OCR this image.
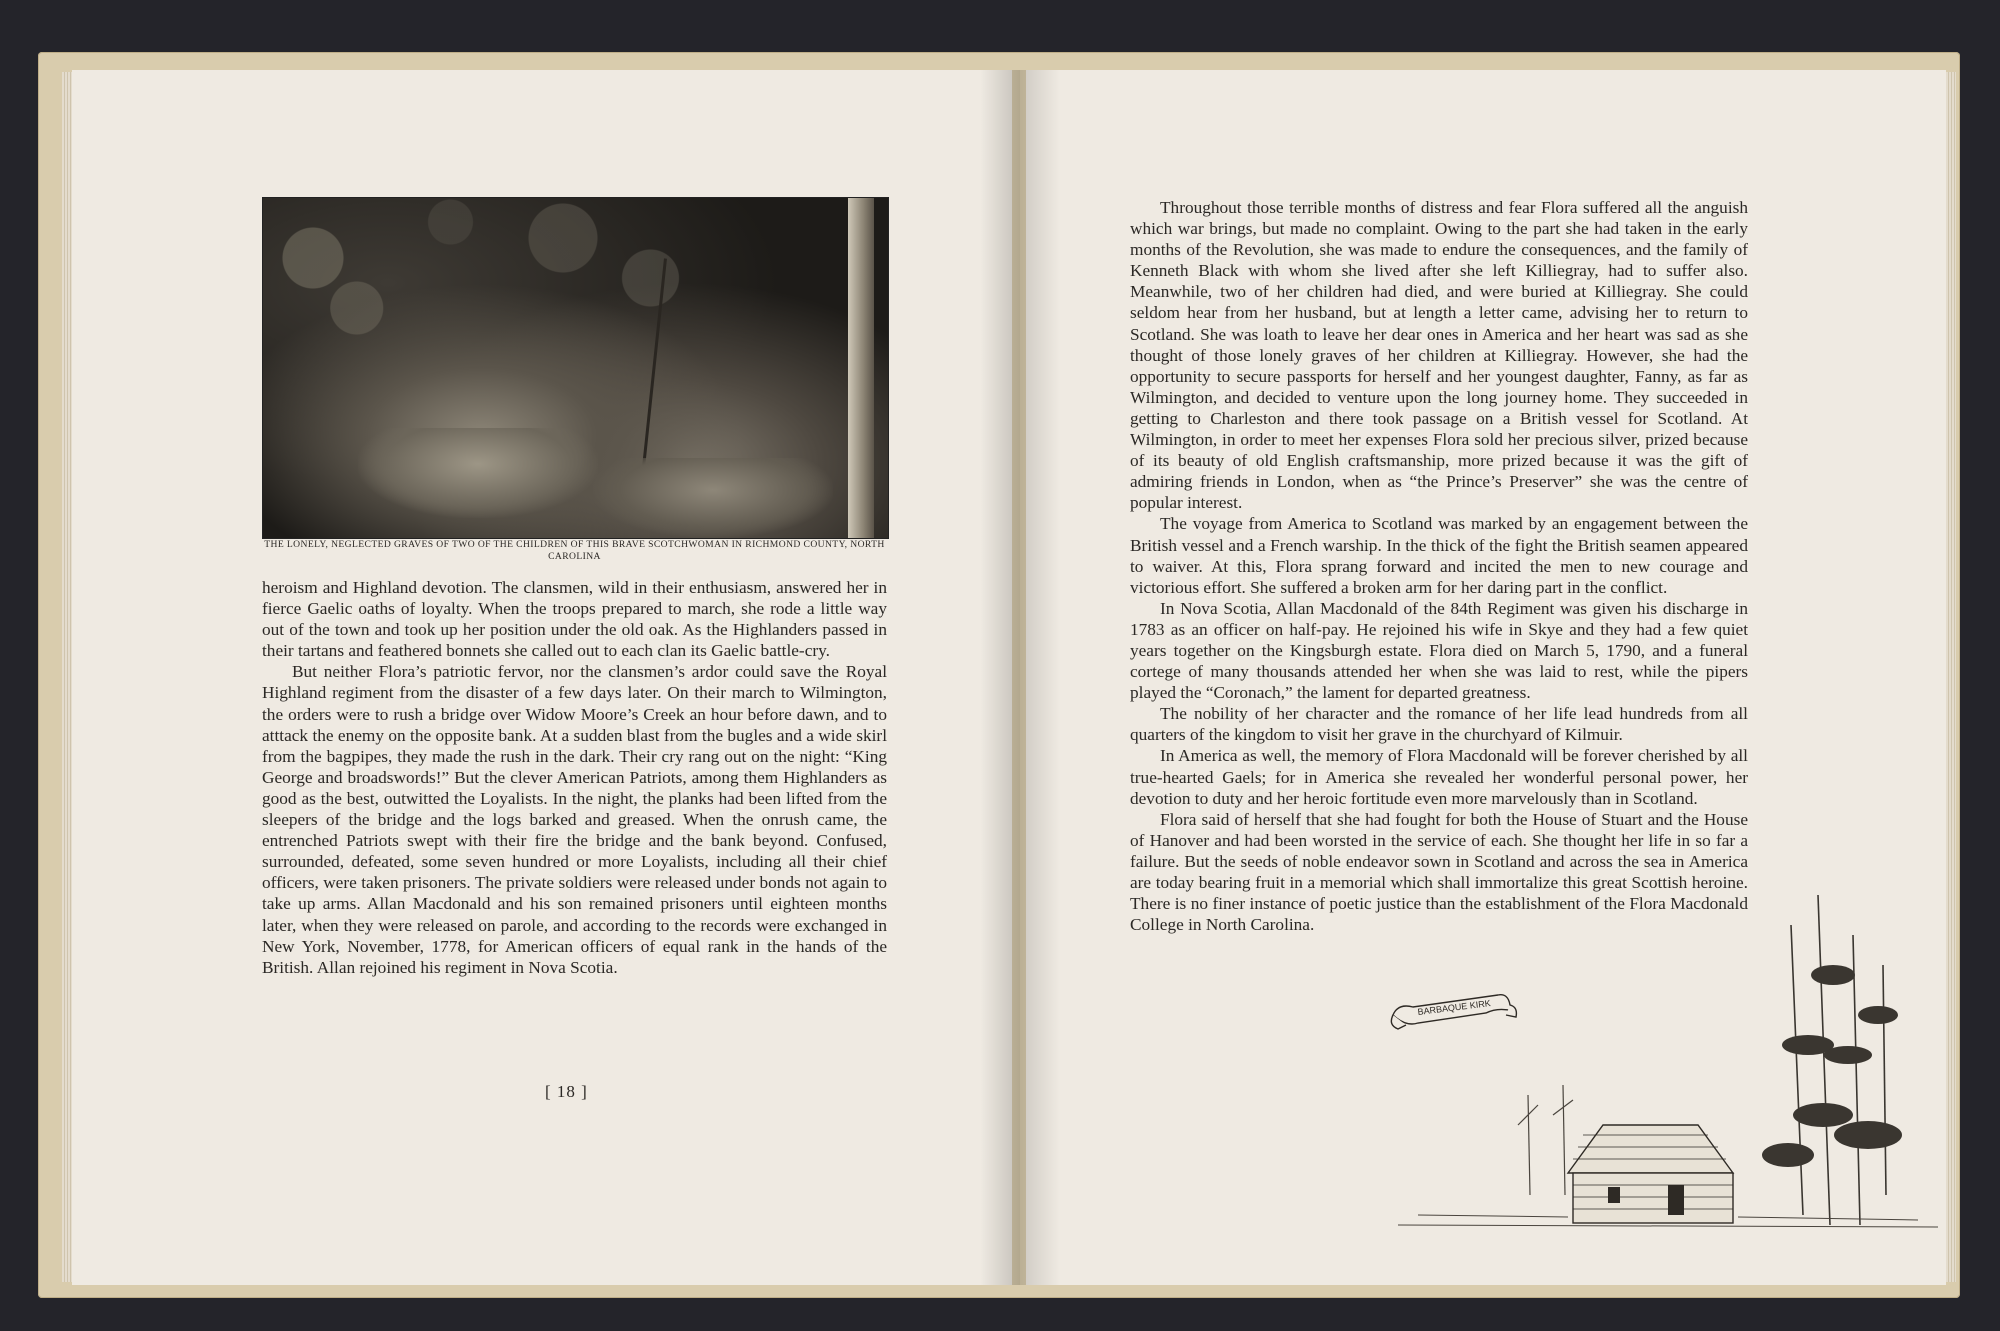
THE LONELY, NEGLECTED GRAVES OF TWO OF THE CHILDREN OF THIS BRAVE SCOTCHWOMAN IN RICHMOND COUNTY, NORTH CAROLINA

heroism and Highland devotion. The clansmen, wild in their enthusiasm, answered her in fierce Gaelic oaths of loyalty. When the troops prepared to march, she rode a little way out of the town and took up her position under the old oak. As the Highlanders passed in their tartans and feathered bonnets she called out to each clan its Gaelic battle-cry.

But neither Flora’s patriotic fervor, nor the clansmen’s ardor could save the Royal Highland regiment from the disaster of a few days later. On their march to Wilmington, the orders were to rush a bridge over Widow Moore’s Creek an hour before dawn, and to atttack the enemy on the opposite bank. At a sudden blast from the bugles and a wide skirl from the bagpipes, they made the rush in the dark. Their cry rang out on the night: “King George and broadswords!” But the clever American Patriots, among them Highlanders as good as the best, outwitted the Loyalists. In the night, the planks had been lifted from the sleepers of the bridge and the logs barked and greased. When the onrush came, the entrenched Patriots swept with their fire the bridge and the bank beyond. Confused, surrounded, defeated, some seven hundred or more Loyalists, including all their chief officers, were taken prisoners. The private soldiers were released under bonds not again to take up arms. Allan Macdonald and his son remained prisoners until eighteen months later, when they were released on parole, and according to the records were exchanged in New York, November, 1778, for American officers of equal rank in the hands of the British. Allan rejoined his regiment in Nova Scotia.

[ 18 ]

Throughout those terrible months of distress and fear Flora suffered all the anguish which war brings, but made no complaint. Owing to the part she had taken in the early months of the Revolution, she was made to endure the consequences, and the family of Kenneth Black with whom she lived after she left Killiegray, had to suffer also. Meanwhile, two of her children had died, and were buried at Killiegray. She could seldom hear from her husband, but at length a letter came, advising her to return to Scotland. She was loath to leave her dear ones in America and her heart was sad as she thought of those lonely graves of her children at Killiegray. However, she had the opportunity to secure passports for herself and her youngest daughter, Fanny, as far as Wilmington, and decided to venture upon the long journey home. They succeeded in getting to Charleston and there took passage on a British vessel for Scotland. At Wilmington, in order to meet her expenses Flora sold her precious silver, prized because of its beauty of old English craftsmanship, more prized because it was the gift of admiring friends in London, when as “the Prince’s Preserver” she was the centre of popular interest.

The voyage from America to Scotland was marked by an engagement between the British vessel and a French warship. In the thick of the fight the British seamen appeared to waiver. At this, Flora sprang forward and incited the men to new courage and victorious effort. She suffered a broken arm for her daring part in the conflict.

In Nova Scotia, Allan Macdonald of the 84th Regiment was given his discharge in 1783 as an officer on half-pay. He rejoined his wife in Skye and they had a few quiet years together on the Kingsburgh estate. Flora died on March 5, 1790, and a funeral cortege of many thousands attended her when she was laid to rest, while the pipers played the “Coronach,” the lament for departed greatness.

The nobility of her character and the romance of her life lead hundreds from all quarters of the kingdom to visit her grave in the churchyard of Kilmuir.

In America as well, the memory of Flora Macdonald will be forever cherished by all true-hearted Gaels; for in America she revealed her wonderful personal power, her devotion to duty and her heroic fortitude even more marvelously than in Scotland.

Flora said of herself that she had fought for both the House of Stuart and the House of Hanover and had been worsted in the service of each. She thought her life in so far a failure. But the seeds of noble endeavor sown in Scotland and across the sea in America are today bearing fruit in a memorial which shall immortalize this great Scottish heroine. There is no finer instance of poetic justice than the establishment of the Flora Macdonald College in North Carolina.

BARBAQUE KIRK
